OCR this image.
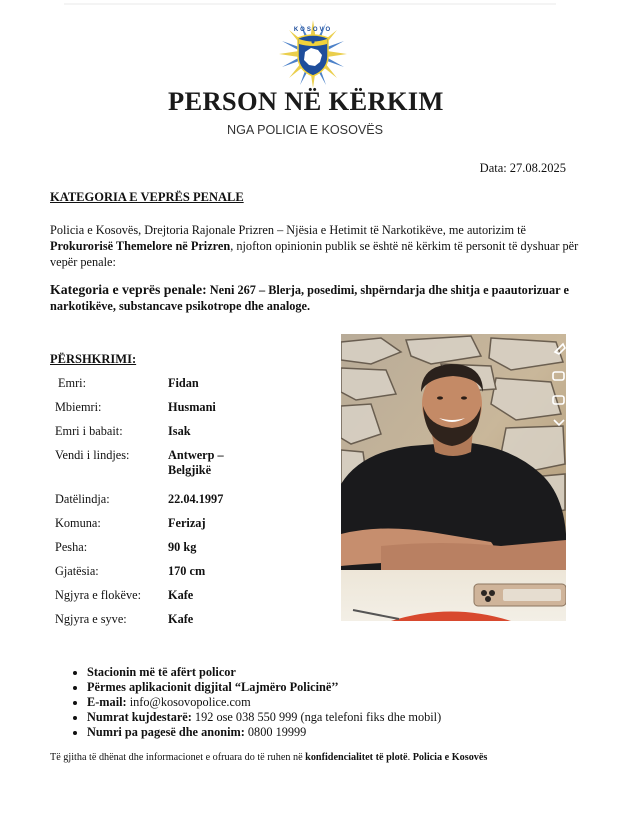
KOSOVO
PERSON NË KËRKIM
NGA POLICIA E KOSOVËS
Data: 27.08.2025
KATEGORIA E VEPRËS PENALE
Policia e Kosovës, Drejtoria Rajonale Prizren – Njësia e Hetimit të Narkotikëve, me autorizim të Prokurorisë Themelore në Prizren, njofton opinionin publik se është në kërkim të personit të dyshuar për vepër penale:
Kategoria e veprës penale: Neni 267 – Blerja, posedimi, shpërndarja dhe shitja e paautorizuar e narkotikëve, substancave psikotrope dhe analoge.
PËRSHKRIMI:
Emri:	Fidan
Mbiemri:	Husmani
Emri i babait:	Isak
Vendi i lindjes:	Antwerp – Belgjikë
Datëlindja:	22.04.1997
Komuna:	Ferizaj
Pesha:	90 kg
Gjatësia:	170 cm
Ngjyra e flokëve:	Kafe
Ngjyra e syve:	Kafe
• Stacionin më të afërt policor
• Përmes aplikacionit digjital “Lajmëro Policinë’’
• E-mail: info@kosovopolice.com
• Numrat kujdestarë: 192 ose 038 550 999 (nga telefoni fiks dhe mobil)
• Numri pa pagesë dhe anonim: 0800 19999
Të gjitha të dhënat dhe informacionet e ofruara do të ruhen në konfidencialitet të plotë. Policia e Kosovës
